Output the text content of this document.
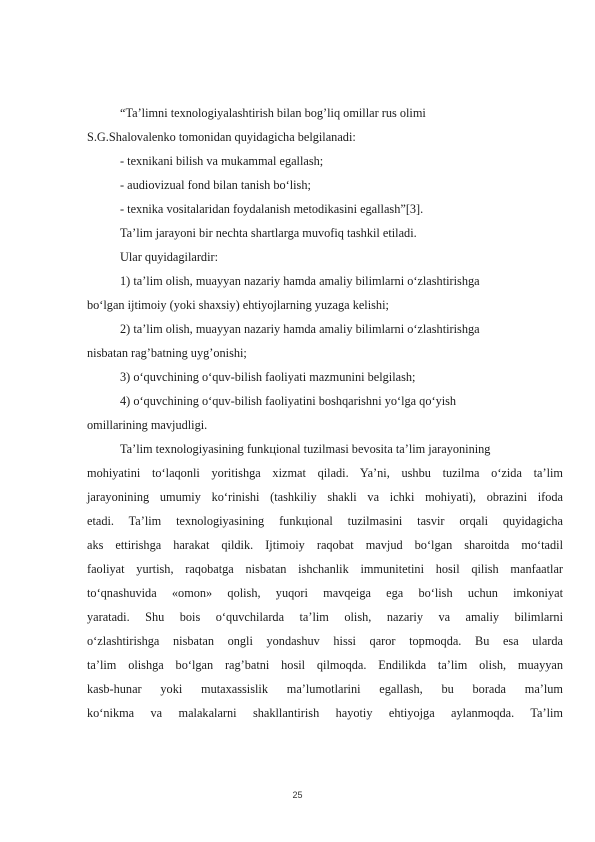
“Ta’limni texnologiyalashtirish bilan bog’liq omillar rus olimi
S.G.Shalovalenko tomonidan quyidagicha belgilanadi:
- texnikani bilish va mukammal egallash;
- audiovizual fond bilan tanish bo‘lish;
- texnika vositalaridan foydalanish metodikasini egallash”[3].
Ta’lim jarayoni bir nechta shartlarga muvofiq tashkil etiladi.
Ular quyidagilardir:
1) ta’lim olish, muayyan nazariy hamda amaliy bilimlarni o‘zlashtirishga
bo‘lgan ijtimoiy (yoki shaxsiy) ehtiyojlarning yuzaga kelishi;
2) ta’lim olish, muayyan nazariy hamda amaliy bilimlarni o‘zlashtirishga
nisbatan rag’batning uyg’onishi;
3) o‘quvchining o‘quv-bilish faoliyati mazmunini belgilash;
4) o‘quvchining o‘quv-bilish faoliyatini boshqarishni yo‘lga qo‘yish
omillarining mavjudligi.
Ta’lim texnologiyasining funkцional tuzilmasi bevosita ta’lim jarayonining
mohiyatini to‘laqonli yoritishga xizmat qiladi. Ya’ni, ushbu tuzilma o‘zida ta’lim
jarayonining umumiy ko‘rinishi (tashkiliy shakli va ichki mohiyati), obrazini ifoda
etadi. Ta’lim texnologiyasining funkцional tuzilmasini tasvir orqali quyidagicha
aks ettirishga harakat qildik. Ijtimoiy raqobat mavjud bo‘lgan sharoitda mo‘tadil
faoliyat yurtish, raqobatga nisbatan ishchanlik immunitetini hosil qilish manfaatlar
to‘qnashuvida «omon» qolish, yuqori mavqeiga ega bo‘lish uchun imkoniyat
yaratadi. Shu bois o‘quvchilarda ta’lim olish, nazariy va amaliy bilimlarni
o‘zlashtirishga nisbatan ongli yondashuv hissi qaror topmoqda. Bu esa ularda
ta’lim olishga bo‘lgan rag’batni hosil qilmoqda. Endilikda ta’lim olish, muayyan
kasb-hunar yoki mutaxassislik ma’lumotlarini egallash, bu borada ma’lum
ko‘nikma va malakalarni shakllantirish hayotiy ehtiyojga aylanmoqda. Ta’lim
25
